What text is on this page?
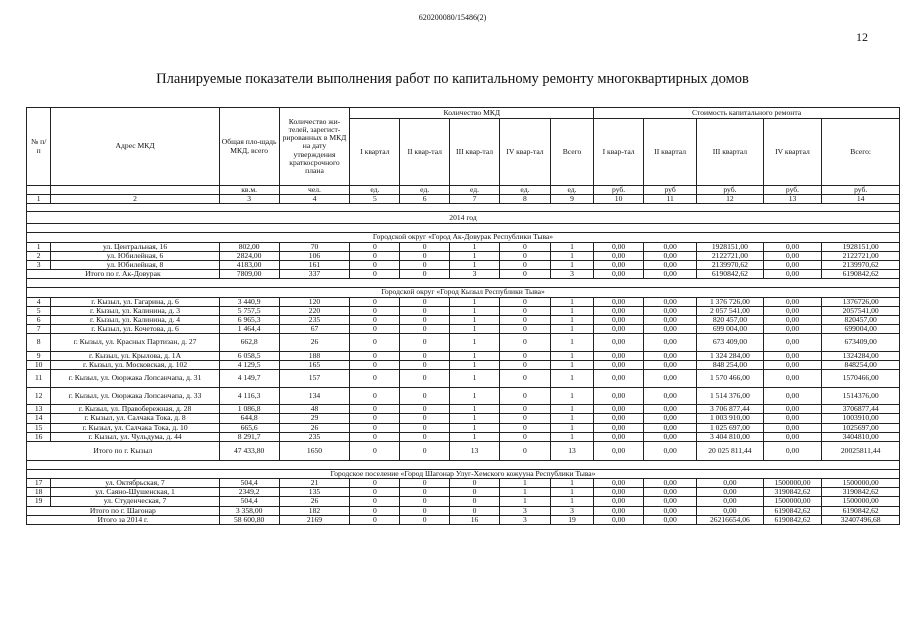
620200080/15486(2)
12
Планируемые показатели выполнения работ по капитальному ремонту многоквартирных домов
№ п/п	Адрес МКД	Общая пло-щадь МКД, всего	Количество жи-телей, зарегист-рированных в МКД на дату утверждения краткосрочного плана	Количество МКД					Стоимость капитального ремонта				
				I квартал	II квар-тал	III квар-тал	IV квар-тал	Всего	I квар-тал	II квартал	III квартал	IV квартал	Всего:
		кв.м.	чел.	ед.	ед.	ед.	ед.	ед.	руб.	руб	руб.	руб.	руб.
1	2	3	4	5	6	7	8	9	10	11	12	13	14

2014 год													

Городской округ «Город Ак-Довурак Республики Тыва»													
1	ул. Центральная, 16	802,00	70	0	0	1	0	1	0,00	0,00	1928151,00	0,00	1928151,00
2	ул. Юбилейная, 6	2824,00	106	0	0	1	0	1	0,00	0,00	2122721,00	0,00	2122721,00
3	ул. Юбилейная, 8	4183,00	161	0	0	1	0	1	0,00	0,00	2139970,62	0,00	2139970,62
Итого по г. Ак-Довурак		7809,00	337	0	0	3	0	3	0,00	0,00	6190842,62	0,00	6190842,62

Городской округ «Город Кызыл Республики Тыва»													
4	г. Кызыл, ул. Гагарина, д. 6	3 440,9	120	0	0	1	0	1	0,00	0,00	1 376 726,00	0,00	1376726,00
5	г. Кызыл, ул. Калинина, д. 3	5 757,5	220	0	0	1	0	1	0,00	0,00	2 057 541,00	0,00	2057541,00
6	г. Кызыл, ул. Калинина, д. 4	6 965,3	235	0	0	1	0	1	0,00	0,00	820 457,00	0,00	820457,00
7	г. Кызыл, ул. Кочетова, д. 6	1 464,4	67	0	0	1	0	1	0,00	0,00	699 004,00	0,00	699004,00
8	г. Кызыл, ул. Красных Партизан, д. 27	662,8	26	0	0	1	0	1	0,00	0,00	673 409,00	0,00	673409,00
9	г. Кызыл, ул. Крылова, д. 1А	6 058,5	188	0	0	1	0	1	0,00	0,00	1 324 284,00	0,00	1324284,00
10	г. Кызыл, ул. Московская, д. 102	4 129,5	165	0	0	1	0	1	0,00	0,00	848 254,00	0,00	848254,00
11	г. Кызыл, ул. Оюржака Лопсанчапа, д. 31	4 149,7	157	0	0	1	0	1	0,00	0,00	1 570 466,00	0,00	1570466,00
12	г. Кызыл, ул. Оюржака Лопсанчапа, д. 33	4 116,3	134	0	0	1	0	1	0,00	0,00	1 514 376,00	0,00	1514376,00
13	г. Кызыл, ул. Правобережная, д. 28	1 086,8	48	0	0	1	0	1	0,00	0,00	3 706 877,44	0,00	3706877,44
14	г. Кызыл, ул. Салчака Тока, д. 8	644,8	29	0	0	1	0	1	0,00	0,00	1 003 910,00	0,00	1003910,00
15	г. Кызыл, ул. Салчака Тока, д. 10	665,6	26	0	0	1	0	1	0,00	0,00	1 025 697,00	0,00	1025697,00
16	г. Кызыл, ул. Чульдума, д. 44	8 291,7	235	0	0	1	0	1	0,00	0,00	3 404 810,00	0,00	3404810,00
Итого по г. Кызыл		47 433,80	1650	0	0	13	0	13	0,00	0,00	20 025 811,44	0,00	20025811,44

Городское поселение «Город Шагонар Улуг-Хемского кожууна Республики Тыва»													
17	ул. Октябрьская, 7	504,4	21	0	0	0	1	1	0,00	0,00	0,00	1500000,00	1500000,00
18	ул. Саяно-Шушенская, 1	2349,2	135	0	0	0	1	1	0,00	0,00	0,00	3190842,62	3190842,62
19	ул. Студенческая, 7	504,4	26	0	0	0	1	1	0,00	0,00	0,00	1500000,00	1500000,00
Итого по г. Шагонар		3 358,00	182	0	0	0	3	3	0,00	0,00	0,00	6190842,62	6190842,62
Итого за 2014 г.		58 600,80	2169	0	0	16	3	19	0,00	0,00	26216654,06	6190842,62	32407496,68
